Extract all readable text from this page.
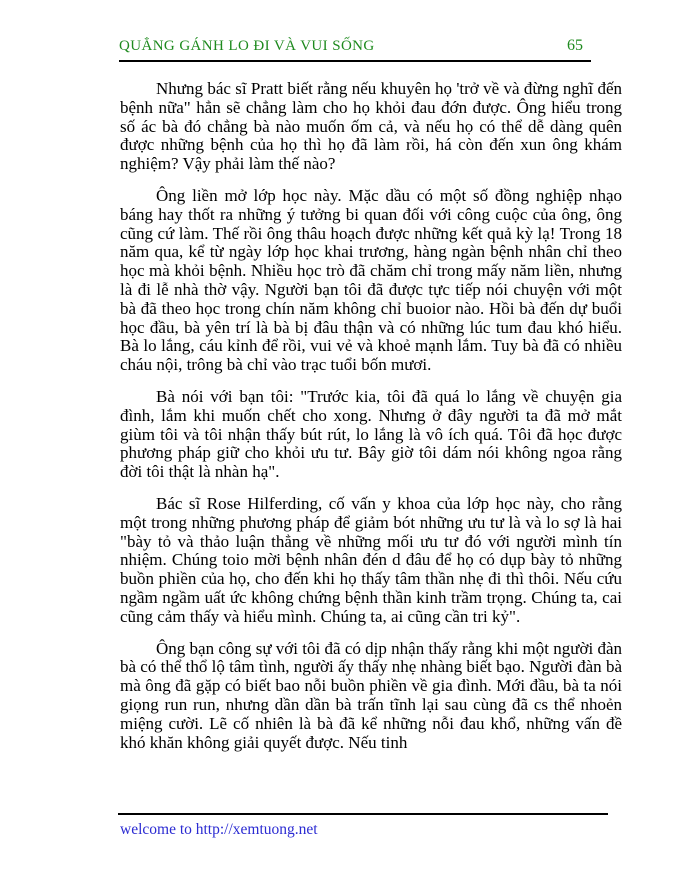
QUẲNG GÁNH LO ĐI VÀ VUI SỐNG	65

Nhưng bác sĩ Pratt biết rằng nếu khuyên họ 'trở về và đừng nghĩ đến bệnh nữa" hẳn sẽ chẳng làm cho họ khỏi đau đớn được. Ông hiểu trong số ác bà đó chẳng bà nào muốn ốm cả, và nếu họ có thể dễ dàng quên được những bệnh của họ thì họ đã làm rồi, há còn đến xun ông khám nghiệm? Vậy phải làm thế nào?

Ông liền mở lớp học này. Mặc dầu có một số đồng nghiệp nhạo báng hay thốt ra những ý tưởng bi quan đối với công cuộc của ông, ông cũng cứ làm. Thế rồi ông thâu hoạch được những kết quả kỳ lạ! Trong 18 năm qua, kể từ ngày lớp học khai trương, hàng ngàn bệnh nhân chỉ theo học mà khỏi bệnh. Nhiều học trò đã chăm chỉ trong mấy năm liền, nhưng là đi lễ nhà thờ vậy. Người bạn tôi đã được tực tiếp nói chuyện với một bà đã theo học trong chín năm không chỉ buoior nào. Hồi bà đến dự buổi học đầu, bà yên trí là bà bị đâu thận và có những lúc tum đau khó hiểu. Bà lo lắng, cáu kỉnh để rồi, vui vẻ và khoẻ mạnh lắm. Tuy bà đã có nhiều cháu nội, trông bà chỉ vào trạc tuổi bốn mươi.

Bà nói với bạn tôi: "Trước kia, tôi đã quá lo lắng về chuyện gia đình, lắm khi muốn chết cho xong. Nhưng ở đây người ta đã mở mắt giùm tôi và tôi nhận thấy bút rút, lo lắng là vô ích quá. Tôi đã học được phương pháp giữ cho khỏi ưu tư. Bây giờ tôi dám nói không ngoa rằng đời tôi thật là nhàn hạ".

Bác sĩ Rose Hilferding, cố vấn y khoa của lớp học này, cho rằng một trong những phương pháp để giảm bót những ưu tư là và lo sợ là hai "bày tỏ và thảo luận thẳng về những mối ưu tư đó với người mình tín nhiệm. Chúng toio mời bệnh nhân đén d đâu để họ có dụp bày tỏ những buồn phiền của họ, cho đến khi họ thấy tâm thần nhẹ đi thì thôi. Nếu cứu ngầm ngầm uất ức không chứng bệnh thần kinh trầm trọng. Chúng ta, cai cũng cảm thấy và hiểu mình. Chúng ta, ai cũng cần tri kỷ".

Ông bạn công sự với tôi đã có dịp nhận thấy rằng khi một người đàn bà có thể thổ lộ tâm tình, người ấy thấy nhẹ nhàng biết bạo. Người đàn bà mà ông đã gặp có biết bao nỗi buồn phiền về gia đình. Mới đầu, bà ta nói giọng run run, nhưng dần dần bà trấn tĩnh lại sau cùng đã cs thể nhoẻn miệng cười. Lẽ cố nhiên là bà đã kể những nỗi đau khổ, những vấn đề khó khăn không giải quyết được. Nếu tinh

welcome to http://xemtuong.net
